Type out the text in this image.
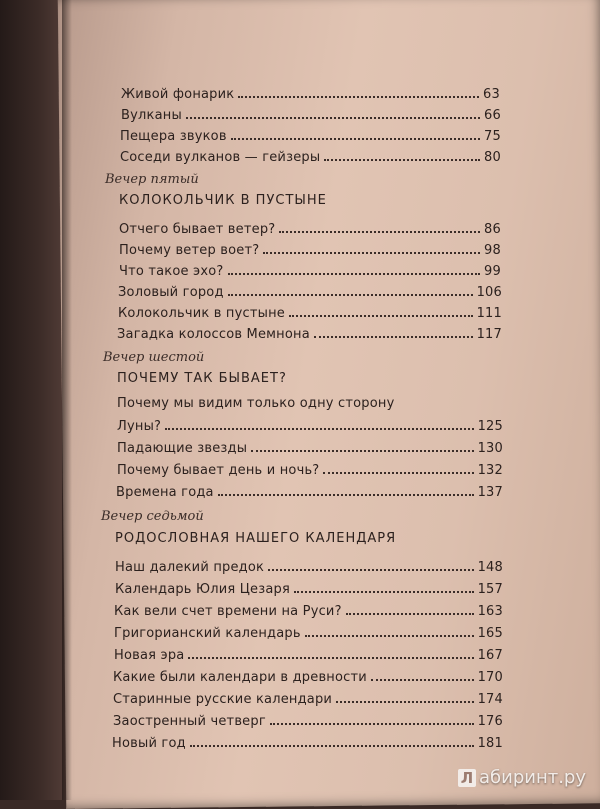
Живой фонарик	63
Вулканы	66
Пещера звуков	75
Соседи вулканов — гейзеры	80
Вечер пятый
КОЛОКОЛЬЧИК В ПУСТЫНЕ
Отчего бывает ветер?	86
Почему ветер воет?	98
Что такое эхо?	99
Золовый город	106
Колокольчик в пустыне	111
Загадка колоссов Мемнона	117
Вечер шестой
ПОЧЕМУ ТАК БЫВАЕТ?
Почему мы видим только одну сторону
Луны?	125
Падающие звезды	130
Почему бывает день и ночь?	132
Времена года	137
Вечер седьмой
РОДОСЛОВНАЯ НАШЕГО КАЛЕНДАРЯ
Наш далекий предок	148
Календарь Юлия Цезаря	157
Как вели счет времени на Руси?	163
Григорианский календарь	165
Новая эра	167
Какие были календари в древности	170
Старинные русские календари	174
Заостренный четверг	176
Новый год	181
Л абиринт.ру
